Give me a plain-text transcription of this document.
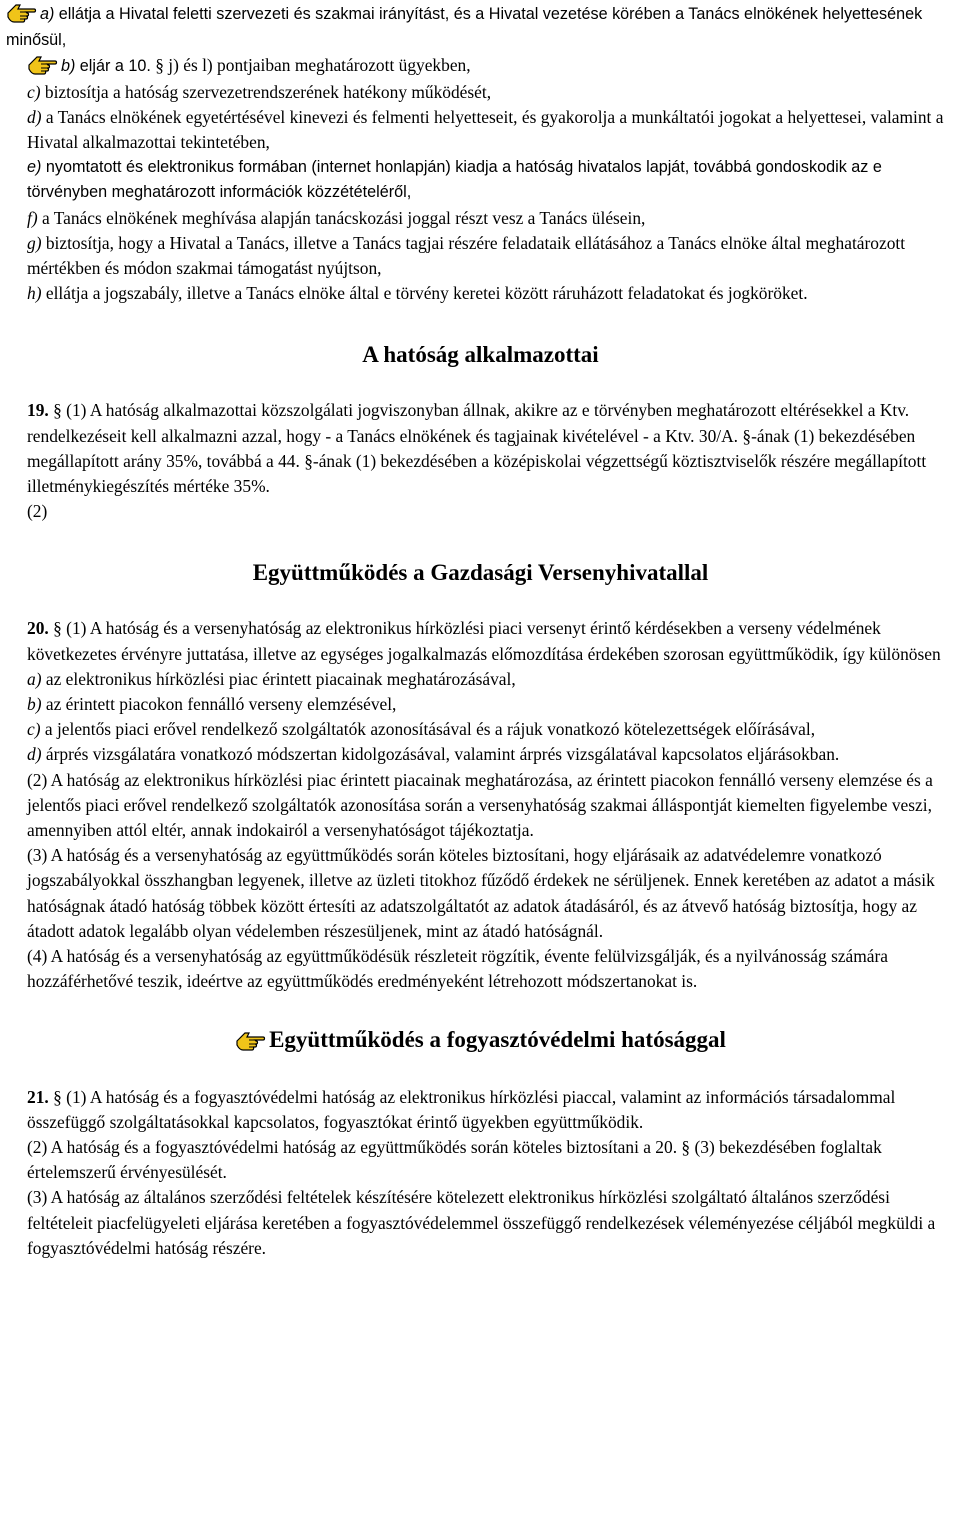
a) ellátja a Hivatal feletti szervezeti és szakmai irányítást, és a Hivatal vezetése körében a Tanács elnökének helyettesének minősül,

b) eljár a 10. § j) és l) pontjaiban meghatározott ügyekben,

c) biztosítja a hatóság szervezetrendszerének hatékony működését,

d) a Tanács elnökének egyetértésével kinevezi és felmenti helyetteseit, és gyakorolja a munkáltatói jogokat a helyettesei, valamint a Hivatal alkalmazottai tekintetében,

e) nyomtatott és elektronikus formában (internet honlapján) kiadja a hatóság hivatalos lapját, továbbá gondoskodik az e törvényben meghatározott információk közzétételéről,

f) a Tanács elnökének meghívása alapján tanácskozási joggal részt vesz a Tanács ülésein,

g) biztosítja, hogy a Hivatal a Tanács, illetve a Tanács tagjai részére feladataik ellátásához a Tanács elnöke által meghatározott mértékben és módon szakmai támogatást nyújtson,

h) ellátja a jogszabály, illetve a Tanács elnöke által e törvény keretei között ráruházott feladatokat és jogköröket.

A hatóság alkalmazottai

19. § (1) A hatóság alkalmazottai közszolgálati jogviszonyban állnak, akikre az e törvényben meghatározott eltérésekkel a Ktv. rendelkezéseit kell alkalmazni azzal, hogy - a Tanács elnökének és tagjainak kivételével - a Ktv. 30/A. §-ának (1) bekezdésében megállapított arány 35%, továbbá a 44. §-ának (1) bekezdésében a középiskolai végzettségű köztisztviselők részére megállapított illetménykiegészítés mértéke 35%.

(2)

Együttműködés a Gazdasági Versenyhivatallal

20. § (1) A hatóság és a versenyhatóság az elektronikus hírközlési piaci versenyt érintő kérdésekben a verseny védelmének következetes érvényre juttatása, illetve az egységes jogalkalmazás előmozdítása érdekében szorosan együttműködik, így különösen

a) az elektronikus hírközlési piac érintett piacainak meghatározásával,

b) az érintett piacokon fennálló verseny elemzésével,

c) a jelentős piaci erővel rendelkező szolgáltatók azonosításával és a rájuk vonatkozó kötelezettségek előírásával,

d) árprés vizsgálatára vonatkozó módszertan kidolgozásával, valamint árprés vizsgálatával kapcsolatos eljárásokban.

(2) A hatóság az elektronikus hírközlési piac érintett piacainak meghatározása, az érintett piacokon fennálló verseny elemzése és a jelentős piaci erővel rendelkező szolgáltatók azonosítása során a versenyhatóság szakmai álláspontját kiemelten figyelembe veszi, amennyiben attól eltér, annak indokairól a versenyhatóságot tájékoztatja.

(3) A hatóság és a versenyhatóság az együttműködés során köteles biztosítani, hogy eljárásaik az adatvédelemre vonatkozó jogszabályokkal összhangban legyenek, illetve az üzleti titokhoz fűződő érdekek ne sérüljenek. Ennek keretében az adatot a másik hatóságnak átadó hatóság többek között értesíti az adatszolgáltatót az adatok átadásáról, és az átvevő hatóság biztosítja, hogy az átadott adatok legalább olyan védelemben részesüljenek, mint az átadó hatóságnál.

(4) A hatóság és a versenyhatóság az együttműködésük részleteit rögzítik, évente felülvizsgálják, és a nyilvánosság számára hozzáférhetővé teszik, ideértve az együttműködés eredményeként létrehozott módszertanokat is.

Együttműködés a fogyasztóvédelmi hatósággal

21. § (1) A hatóság és a fogyasztóvédelmi hatóság az elektronikus hírközlési piaccal, valamint az információs társadalommal összefüggő szolgáltatásokkal kapcsolatos, fogyasztókat érintő ügyekben együttműködik.

(2) A hatóság és a fogyasztóvédelmi hatóság az együttműködés során köteles biztosítani a 20. § (3) bekezdésében foglaltak értelemszerű érvényesülését.

(3) A hatóság az általános szerződési feltételek készítésére kötelezett elektronikus hírközlési szolgáltató általános szerződési feltételeit piacfelügyeleti eljárása keretében a fogyasztóvédelemmel összefüggő rendelkezések véleményezése céljából megküldi a fogyasztóvédelmi hatóság részére.
